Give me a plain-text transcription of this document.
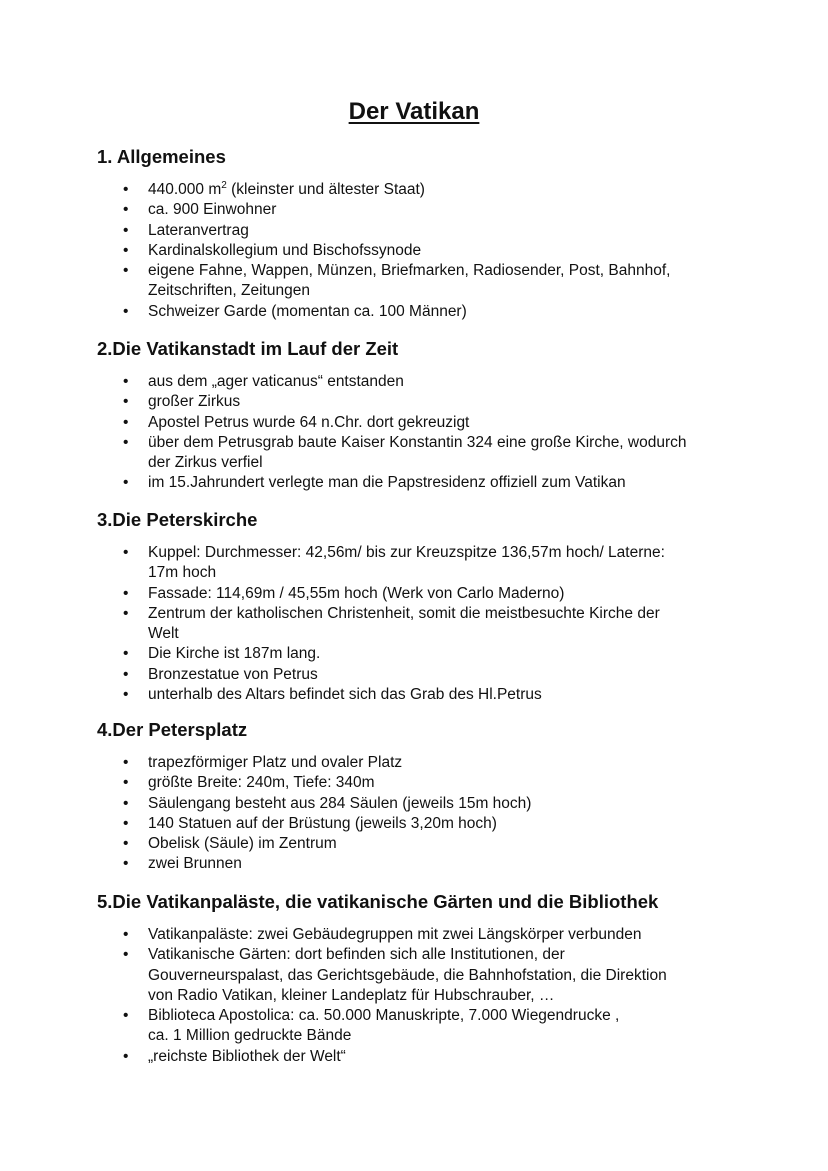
Der Vatikan
1. Allgemeines
• 440.000 $m^2$ (kleinster und ältester Staat)
• ca. 900 Einwohner
• Lateranvertrag
• Kardinalskollegium und Bischofssynode
• eigene Fahne, Wappen, Münzen, Briefmarken, Radiosender, Post, Bahnhof,
Zeitschriften, Zeitungen
• Schweizer Garde (momentan ca. 100 Männer)
2.Die Vatikanstadt im Lauf der Zeit
• aus dem „ager vaticanus“ entstanden
• großer Zirkus
• Apostel Petrus wurde 64 n.Chr. dort gekreuzigt
• über dem Petrusgrab baute Kaiser Konstantin 324 eine große Kirche, wodurch
der Zirkus verfiel
• im 15.Jahrundert verlegte man die Papstresidenz offiziell zum Vatikan
3.Die Peterskirche
• Kuppel: Durchmesser: 42,56m/ bis zur Kreuzspitze 136,57m hoch/ Laterne:
17m hoch
• Fassade: 114,69m / 45,55m hoch (Werk von Carlo Maderno)
• Zentrum der katholischen Christenheit, somit die meistbesuchte Kirche der
Welt
• Die Kirche ist 187m lang.
• Bronzestatue von Petrus
• unterhalb des Altars befindet sich das Grab des Hl.Petrus
4.Der Petersplatz
• trapezförmiger Platz und ovaler Platz
• größte Breite: 240m, Tiefe: 340m
• Säulengang besteht aus 284 Säulen (jeweils 15m hoch)
• 140 Statuen auf der Brüstung (jeweils 3,20m hoch)
• Obelisk (Säule) im Zentrum
• zwei Brunnen
5.Die Vatikanpaläste, die vatikanische Gärten und die Bibliothek
• Vatikanpaläste: zwei Gebäudegruppen mit zwei Längskörper verbunden
• Vatikanische Gärten: dort befinden sich alle Institutionen, der
Gouverneurspalast, das Gerichtsgebäude, die Bahnhofstation, die Direktion
von Radio Vatikan, kleiner Landeplatz für Hubschrauber, …
• Biblioteca Apostolica: ca. 50.000 Manuskripte, 7.000 Wiegendrucke ,
ca. 1 Million gedruckte Bände
• „reichste Bibliothek der Welt“
